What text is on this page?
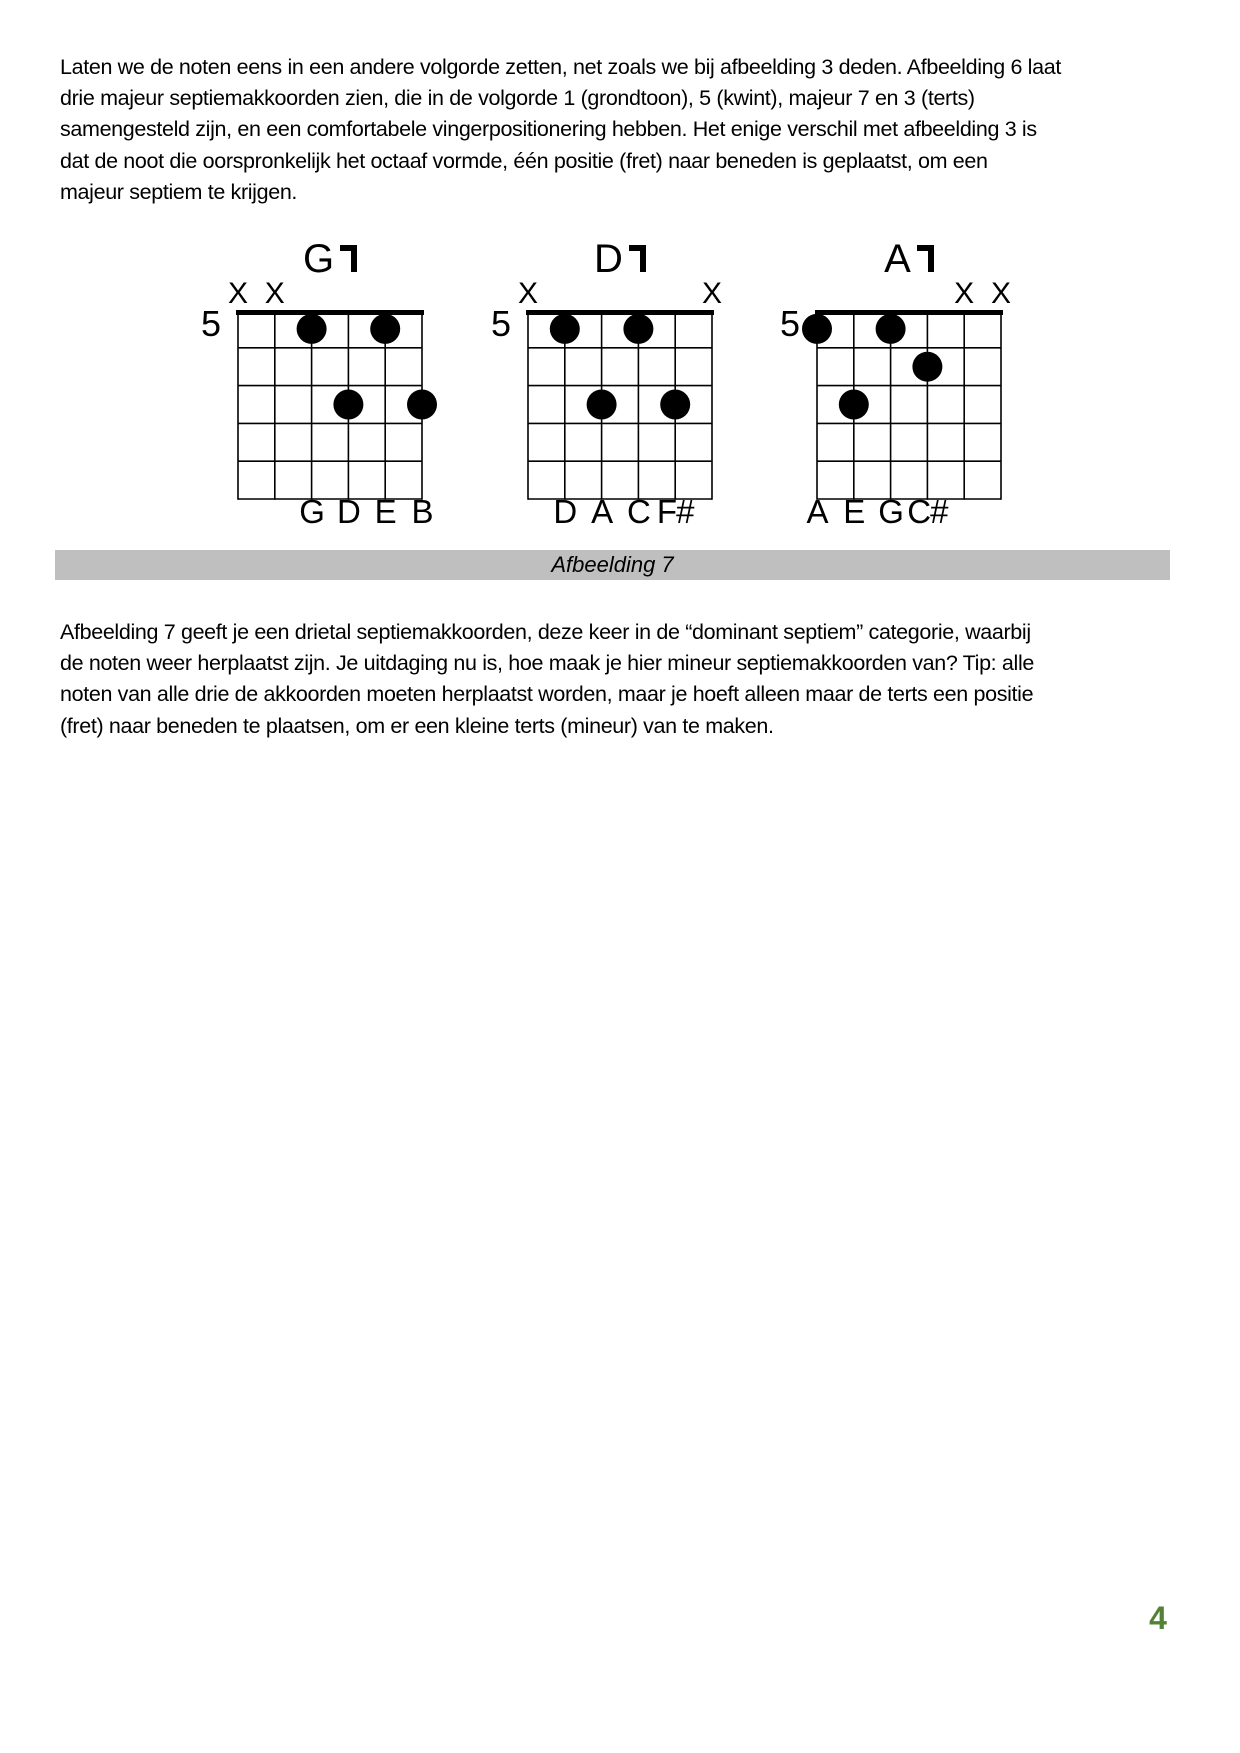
Laten we de noten eens in een andere volgorde zetten, net zoals we bij afbeelding 3 deden. Afbeelding 6 laat
drie majeur septiemakkoorden zien, die in de volgorde 1 (grondtoon), 5 (kwint), majeur 7 en 3 (terts)
samengesteld zijn, en een comfortabele vingerpositionering hebben. Het enige verschil met afbeelding 3 is
dat de noot die oorspronkelijk het octaaf vormde, één positie (fret) naar beneden is geplaatst, om een
majeur septiem te krijgen.
G
X X
5
G D E B
D
X	X
5
D A C F#
A
X X
5
A E G C#
Afbeelding 7
Afbeelding 7 geeft je een drietal septiemakkoorden, deze keer in de “dominant septiem” categorie, waarbij
de noten weer herplaatst zijn. Je uitdaging nu is, hoe maak je hier mineur septiemakkoorden van? Tip: alle
noten van alle drie de akkoorden moeten herplaatst worden, maar je hoeft alleen maar de terts een positie
(fret) naar beneden te plaatsen, om er een kleine terts (mineur) van te maken.
4
